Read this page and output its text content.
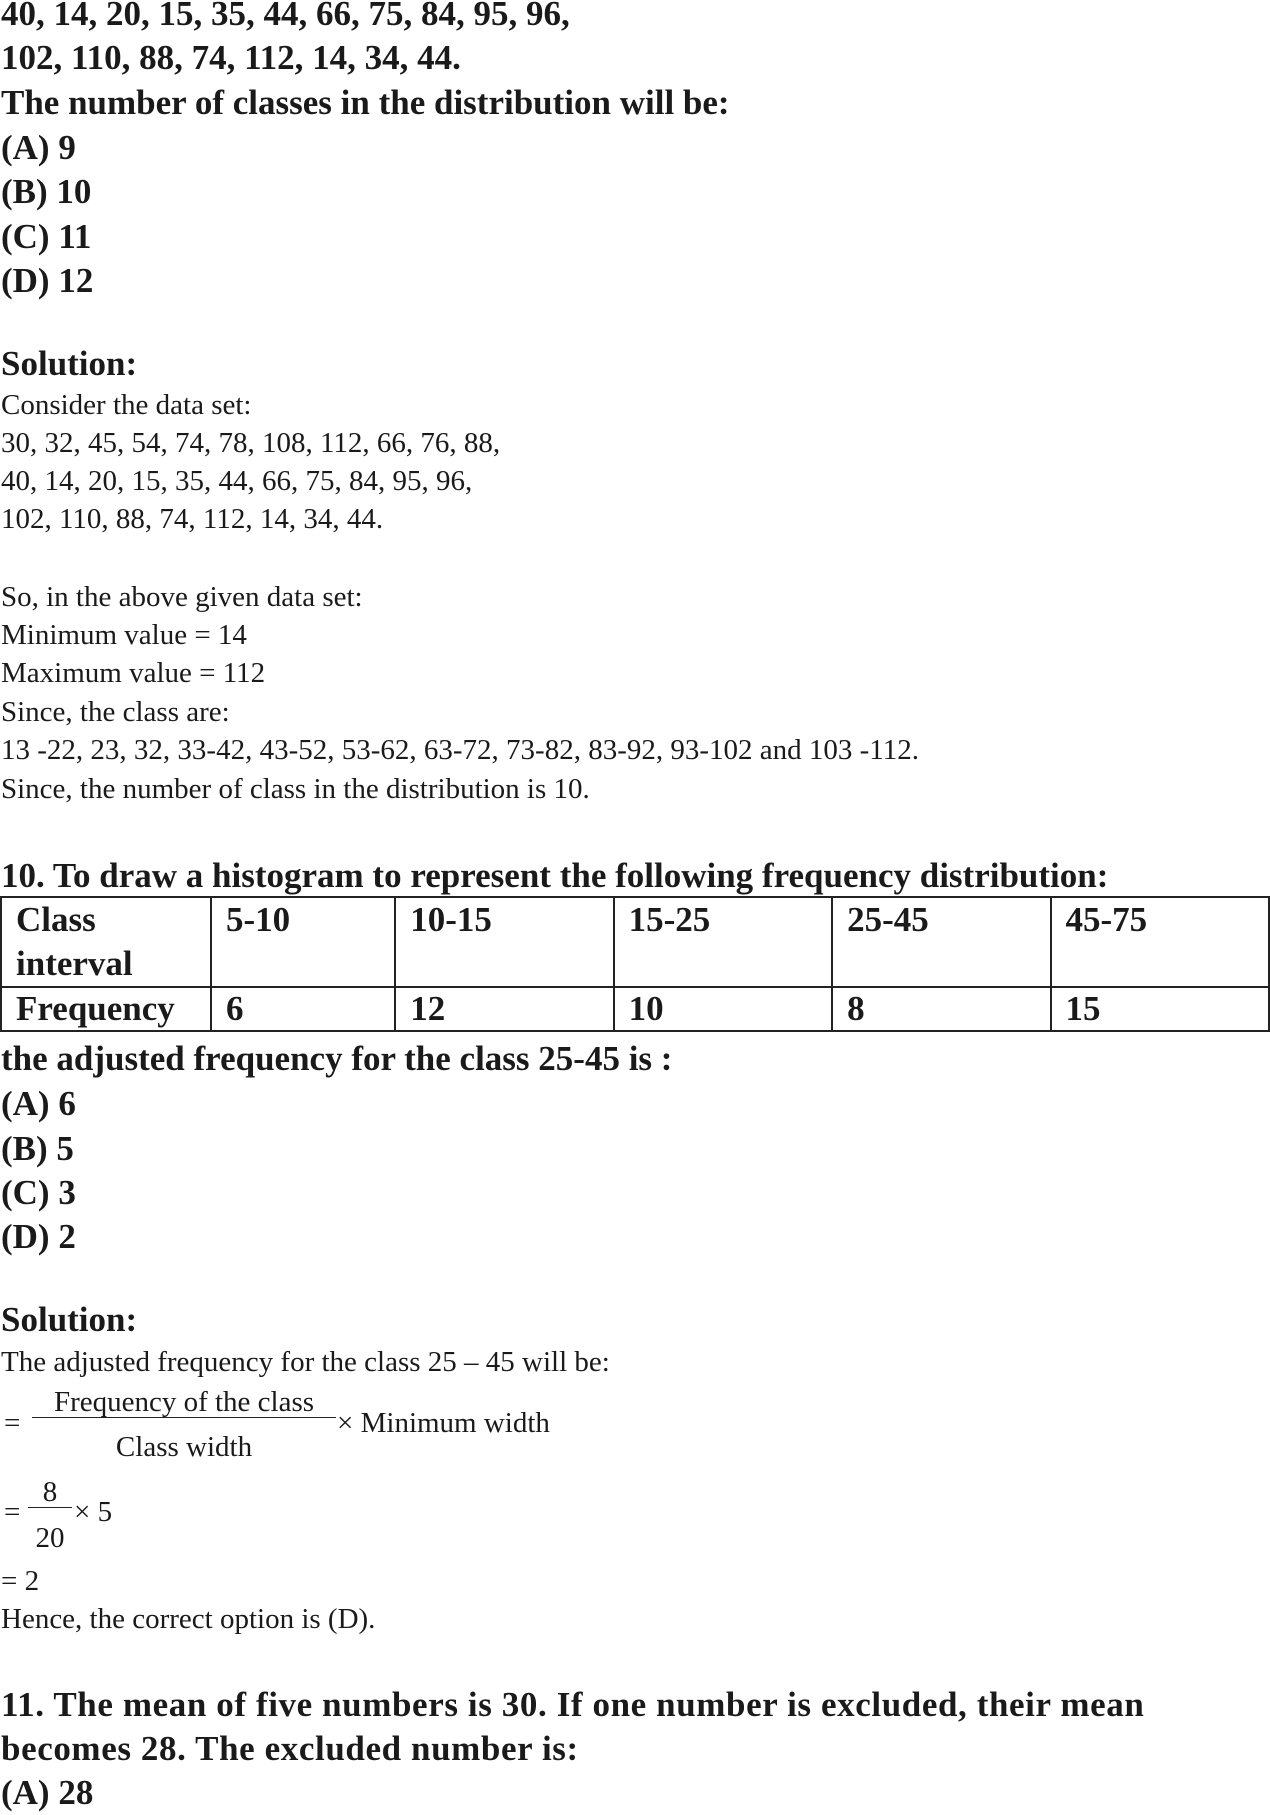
40, 14, 20, 15, 35, 44, 66, 75, 84, 95, 96,
102, 110, 88, 74, 112, 14, 34, 44.
The number of classes in the distribution will be:
(A) 9
(B) 10
(C) 11
(D) 12
Solution:
Consider the data set:
30, 32, 45, 54, 74, 78, 108, 112, 66, 76, 88,
40, 14, 20, 15, 35, 44, 66, 75, 84, 95, 96,
102, 110, 88, 74, 112, 14, 34, 44.
So, in the above given data set:
Minimum value = 14
Maximum value = 112
Since, the class are:
13 -22, 23, 32, 33-42, 43-52, 53-62, 63-72, 73-82, 83-92, 93-102 and 103 -112.
Since, the number of class in the distribution is 10.
10. To draw a histogram to represent the following frequency distribution:
Class interval	5-10	10-15	15-25	25-45	45-75
Frequency	6	12	10	8	15
the adjusted frequency for the class 25-45 is :
(A) 6
(B) 5
(C) 3
(D) 2
Solution:
The adjusted frequency for the class 25 – 45 will be:
=
Frequency of the class
Class width
× Minimum width
=
8
20
× 5
= 2
Hence, the correct option is (D).
11. The mean of five numbers is 30. If one number is excluded, their mean
becomes 28. The excluded number is:
(A) 28
